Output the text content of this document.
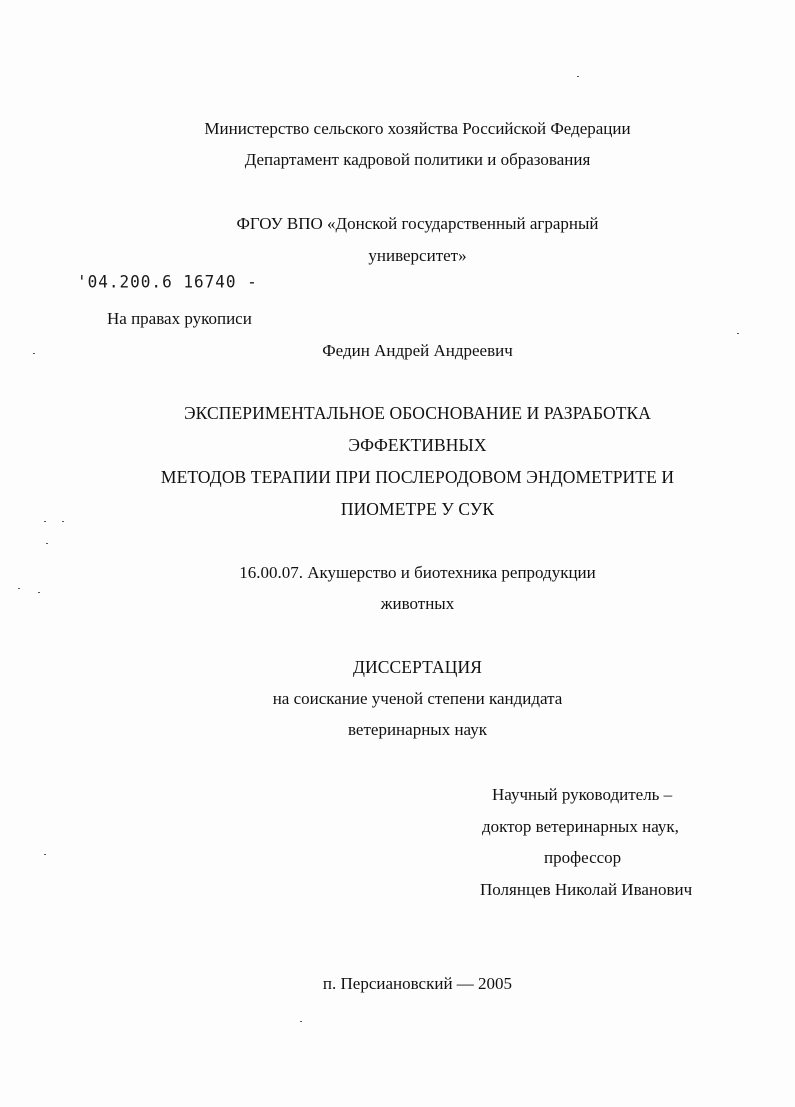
Министерство сельского хозяйства Российской Федерации
Департамент кадровой политики и образования
ФГОУ ВПО «Донской государственный аграрный
университет»
'04.200.6 16740 -
На правах рукописи
Федин Андрей Андреевич
ЭКСПЕРИМЕНТАЛЬНОЕ ОБОСНОВАНИЕ И РАЗРАБОТКА
ЭФФЕКТИВНЫХ
МЕТОДОВ ТЕРАПИИ ПРИ ПОСЛЕРОДОВОМ ЭНДОМЕТРИТЕ И
ПИОМЕТРЕ У СУК
16.00.07. Акушерство и биотехника репродукции
животных
ДИССЕРТАЦИЯ
на соискание ученой степени кандидата
ветеринарных наук
Научный руководитель –
доктор ветеринарных наук,
профессор
Полянцев Николай Иванович
п. Персиановский — 2005
